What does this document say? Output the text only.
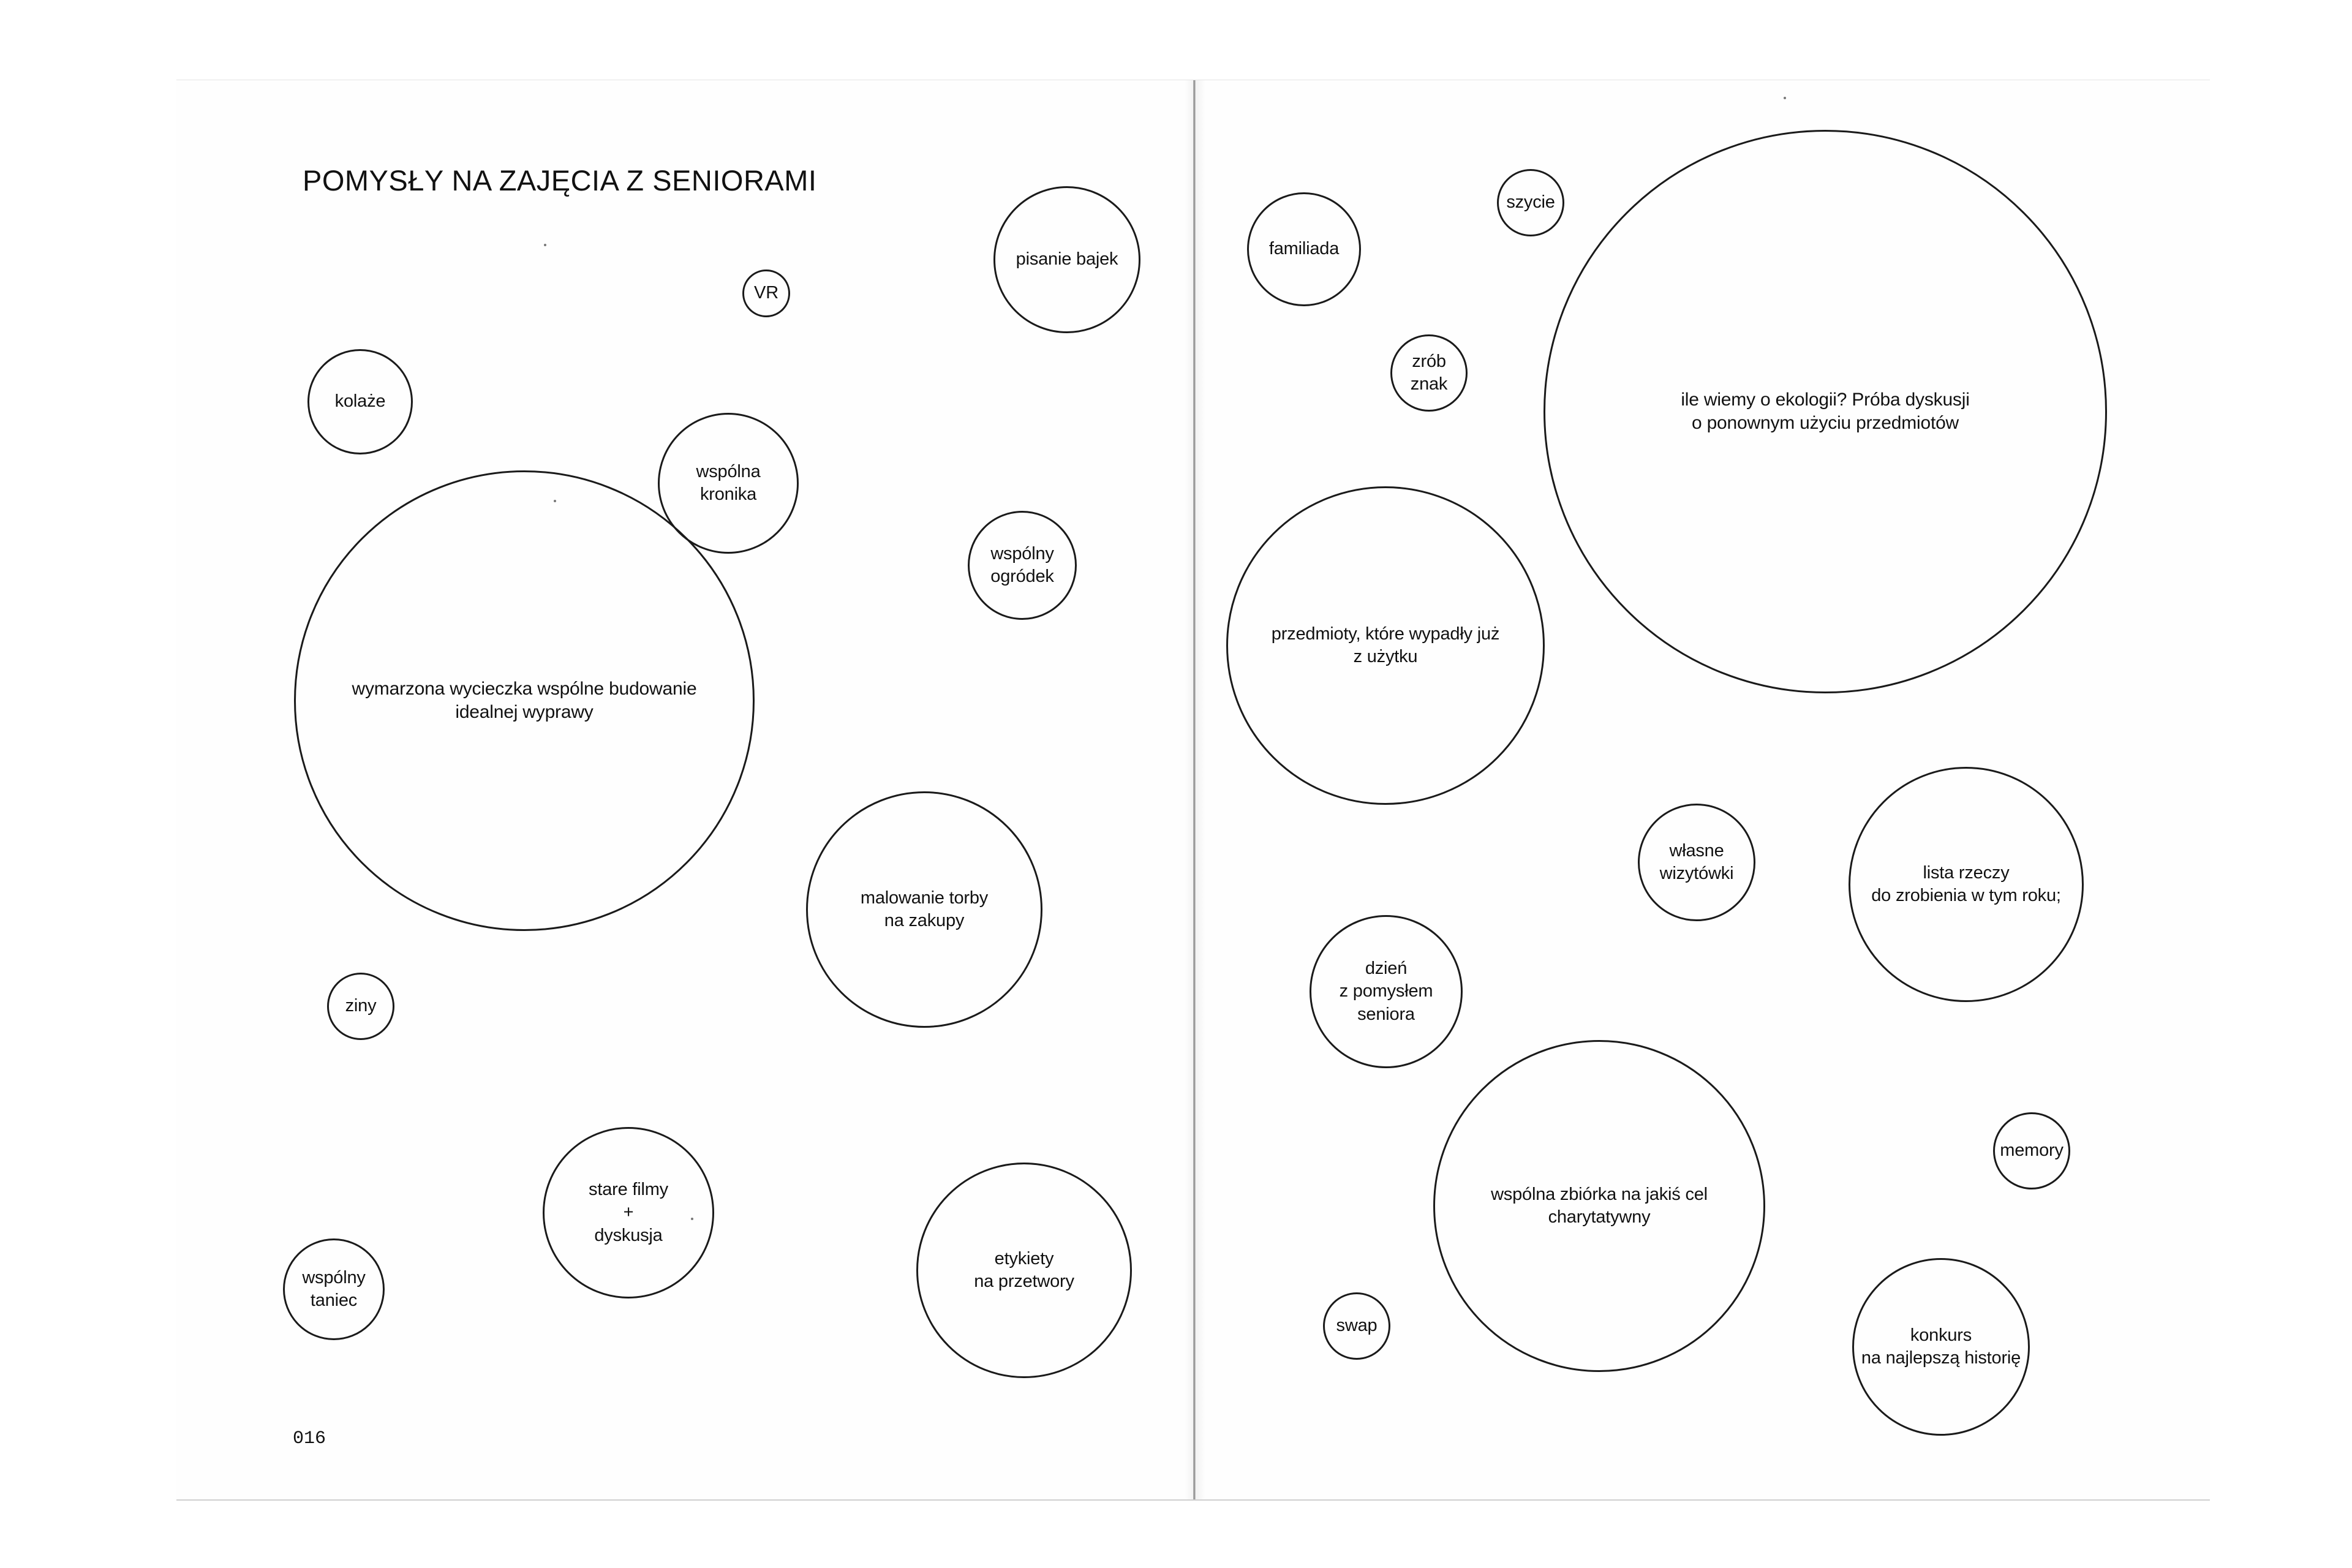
POMYSŁY NA ZAJĘCIA Z SENIORAMI
016
VR
pisanie bajek
kolaże
wspólna
kronika
wspólny
ogródek
wymarzona wycieczka wspólne budowanie
idealnej wyprawy
malowanie torby
na zakupy
ziny
stare filmy
+
dyskusja
wspólny
taniec
etykiety
na przetwory
szycie
familiada
zrób
znak
ile wiemy o ekologii? Próba dyskusji
o ponownym użyciu przedmiotów
przedmioty, które wypadły już
z użytku
własne
wizytówki	lista rzeczy
do zrobienia w tym roku;
dzień
z pomysłem
seniora
memory
wspólna zbiórka na jakiś cel
charytatywny
swap	konkurs
na najlepszą historię
